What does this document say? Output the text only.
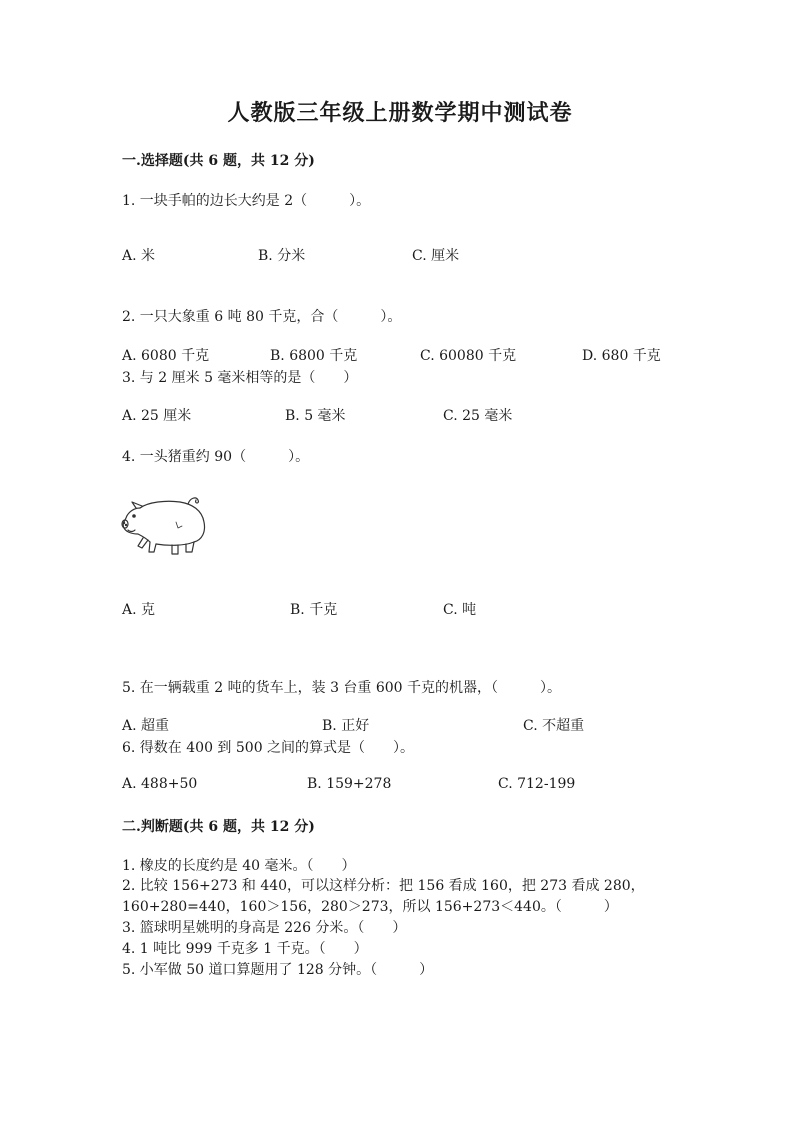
人教版三年级上册数学期中测试卷
一.选择题(共 6 题，共 12 分)
1. 一块手帕的边长大约是 2（　　　）。
A. 米	B. 分米	C. 厘米
2. 一只大象重 6 吨 80 千克，合（　　　）。
A. 6080 千克	B. 6800 千克	C. 60080 千克	D. 680 千克
3. 与 2 厘米 5 毫米相等的是（　　）
A. 25 厘米	B. 5 毫米	C. 25 毫米
4. 一头猪重约 90（　　　）。
A. 克	B. 千克	C. 吨
5. 在一辆载重 2 吨的货车上，装 3 台重 600 千克的机器，（　　　）。
A. 超重	B. 正好	C. 不超重
6. 得数在 400 到 500 之间的算式是（　　）。
A. 488+50	B. 159+278	C. 712-199
二.判断题(共 6 题，共 12 分)
1. 橡皮的长度约是 40 毫米。（　　）
2. 比较 156+273 和 440，可以这样分析：把 156 看成 160，把 273 看成 280，
160+280=440，160＞156，280＞273，所以 156+273＜440。（　　　）
3. 篮球明星姚明的身高是 226 分米。（　　）
4. 1 吨比 999 千克多 1 千克。（　　）
5. 小军做 50 道口算题用了 128 分钟。（　　　）
